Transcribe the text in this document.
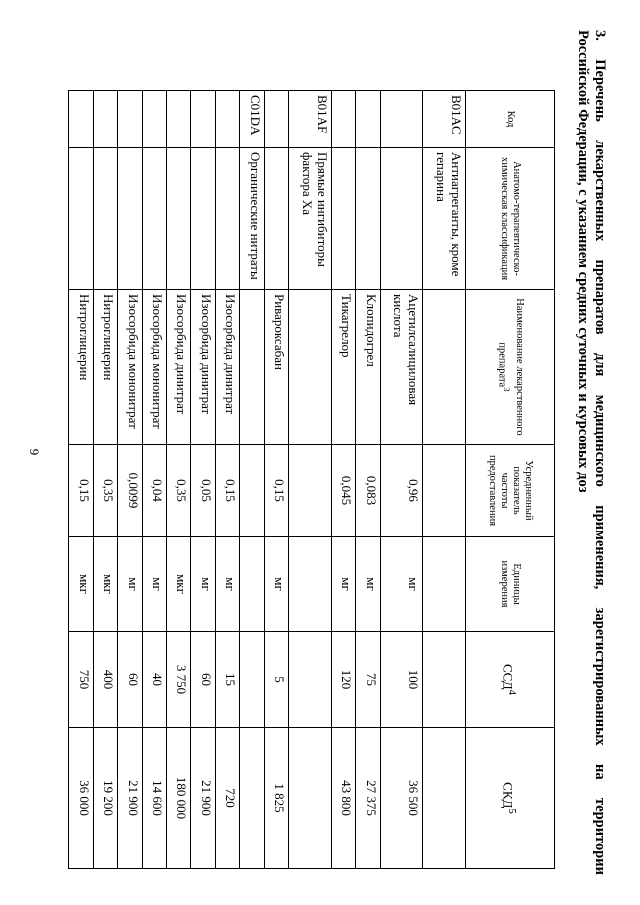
9	3. Перечень лекарственных препаратов для медицинского применения, зарегистрированных на территории
Российской Федерации, с указанием средних суточных и курсовых доз
Код	Анатомо-терапевтическо-химическая классификация	Наименование лекарственного препарата$^3$	Усредненный показатель частоты предоставления	Единицы измерения	ССД$^4$	СКД$^5$
B01AC	Антиагреганты, кроме гепарина					
		Ацетилсалициловая кислота	0,96	мг	100	36 500
		Клопидогрел	0,083	мг	75	27 375
		Тикагрелор	0,045	мг	120	43 800
B01AF	Прямые ингибиторы фактора Xa					
		Ривароксабан	0,15	мг	5	1 825
C01DA	Органические нитраты					
		Изосорбида динитрат	0,15	мг	15	720
		Изосорбида динитрат	0,05	мг	60	21 900
		Изосорбида динитрат	0,35	мкг	3 750	180 000
		Изосорбида мононитрат	0,04	мг	40	14 600
		Изосорбида мононитрат	0,0099	мг	60	21 900
		Нитроглицерин	0,35	мкг	400	19 200
		Нитроглицерин	0,15	мкг	750	36 000
